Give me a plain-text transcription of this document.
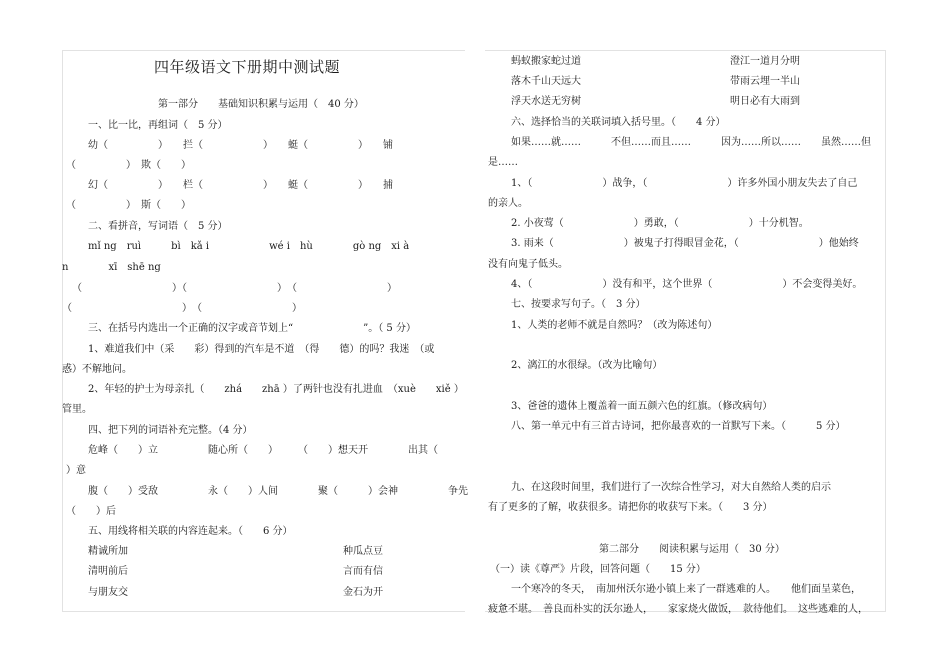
四年级语文下册期中测试题
第一部分　　基础知识积累与运用（　40 分）
一、比一比，再组词（　5 分）
幼（　　　　　）　　拦（　　　　　　）　　蜓（　　　　　）　　铺
（　　　　　）　欺（　　）
幻（　　　　　）　　栏（　　　　　　）　　蜓（　　　　　）　　捕
（　　　　　）　斯（　　）
二、看拼音，写词语（　5 分）
mǐ ng　ruì　　　bì　kǎ i　　　　　　wé i　hù　　　　gò ng　xi à
n　　　　xī　shē ng
（　　　　　　　　　）（　　　　　　　　　）　（　　　　　　　　　）
（　　　　　　　　　　　）　（　　　　　　　　　）
三、在括号内选出一个正确的汉字或音节划上“　　　　　　　”。（ 5 分）
1、难道我们中（采　　彩）得到的汽车是不道　（得　　德）的吗？我迷　（或
惑）不解地问。
2、年轻的护士为母亲扎（　　zhá　　zhā ）了两针也没有扎进血　（xuè　　xiě ）
管里。
四、把下列的词语补充完整。（4 分）
危峰（　　）立　　　　　随心所（　　）　　　（　　）想天开　　　　出其（
）意
腹（　　）受敌　　　　　永（　　）人间　　　　聚（　　　）会神　　　　　争先
（　　）后
五、用线将相关联的内容连起来。（　　6 分）
精诚所加	种瓜点豆
清明前后	言而有信
与朋友交	金石为开
蚂蚁搬家蛇过道	澄江一道月分明
落木千山天远大	带雨云埋一半山
浮天水送无穷树	明日必有大雨到
六、选择恰当的关联词填入括号里。（　　4 分）
如果……就……　　　不但……而且……　　　因为……所以……　　虽然……但
是……
1、（　　　　　　　）战争，（　　　　　　　　）许多外国小朋友失去了自己
的亲人。
2. 小夜莺（　　　　　　　）勇敢，（　　　　　　　）十分机智。
3. 雨来（　　　　　　　）被鬼子打得眼冒金花，（　　　　　　　　）他始终
没有向鬼子低头。
4、（　　　　　　　）没有和平，这个世界（　　　　　　　）不会变得美好。
七、按要求写句子。（　3 分）
1、人类的老师不就是自然吗？（改为陈述句）
2、漓江的水很绿。（改为比喻句）
3、爸爸的遗体上覆盖着一面五颜六色的红旗。（修改病句）
八、第一单元中有三首古诗词，把你最喜欢的一首默写下来。（　　　5 分）
九、在这段时间里，我们进行了一次综合性学习，对大自然给人类的启示
有了更多的了解，收获很多。请把你的收获写下来。（　　3 分）
第二部分　　阅读积累与运用（　30 分）
（一）读《尊严》片段，回答问题（　　15 分）
一个寒冷的冬天，　南加州沃尔逊小镇上来了一群逃难的人。　　他们面呈菜色，
疲惫不堪。　善良而朴实的沃尔逊人，　　家家烧火做饭，　款待他们。　这些逃难的人，
